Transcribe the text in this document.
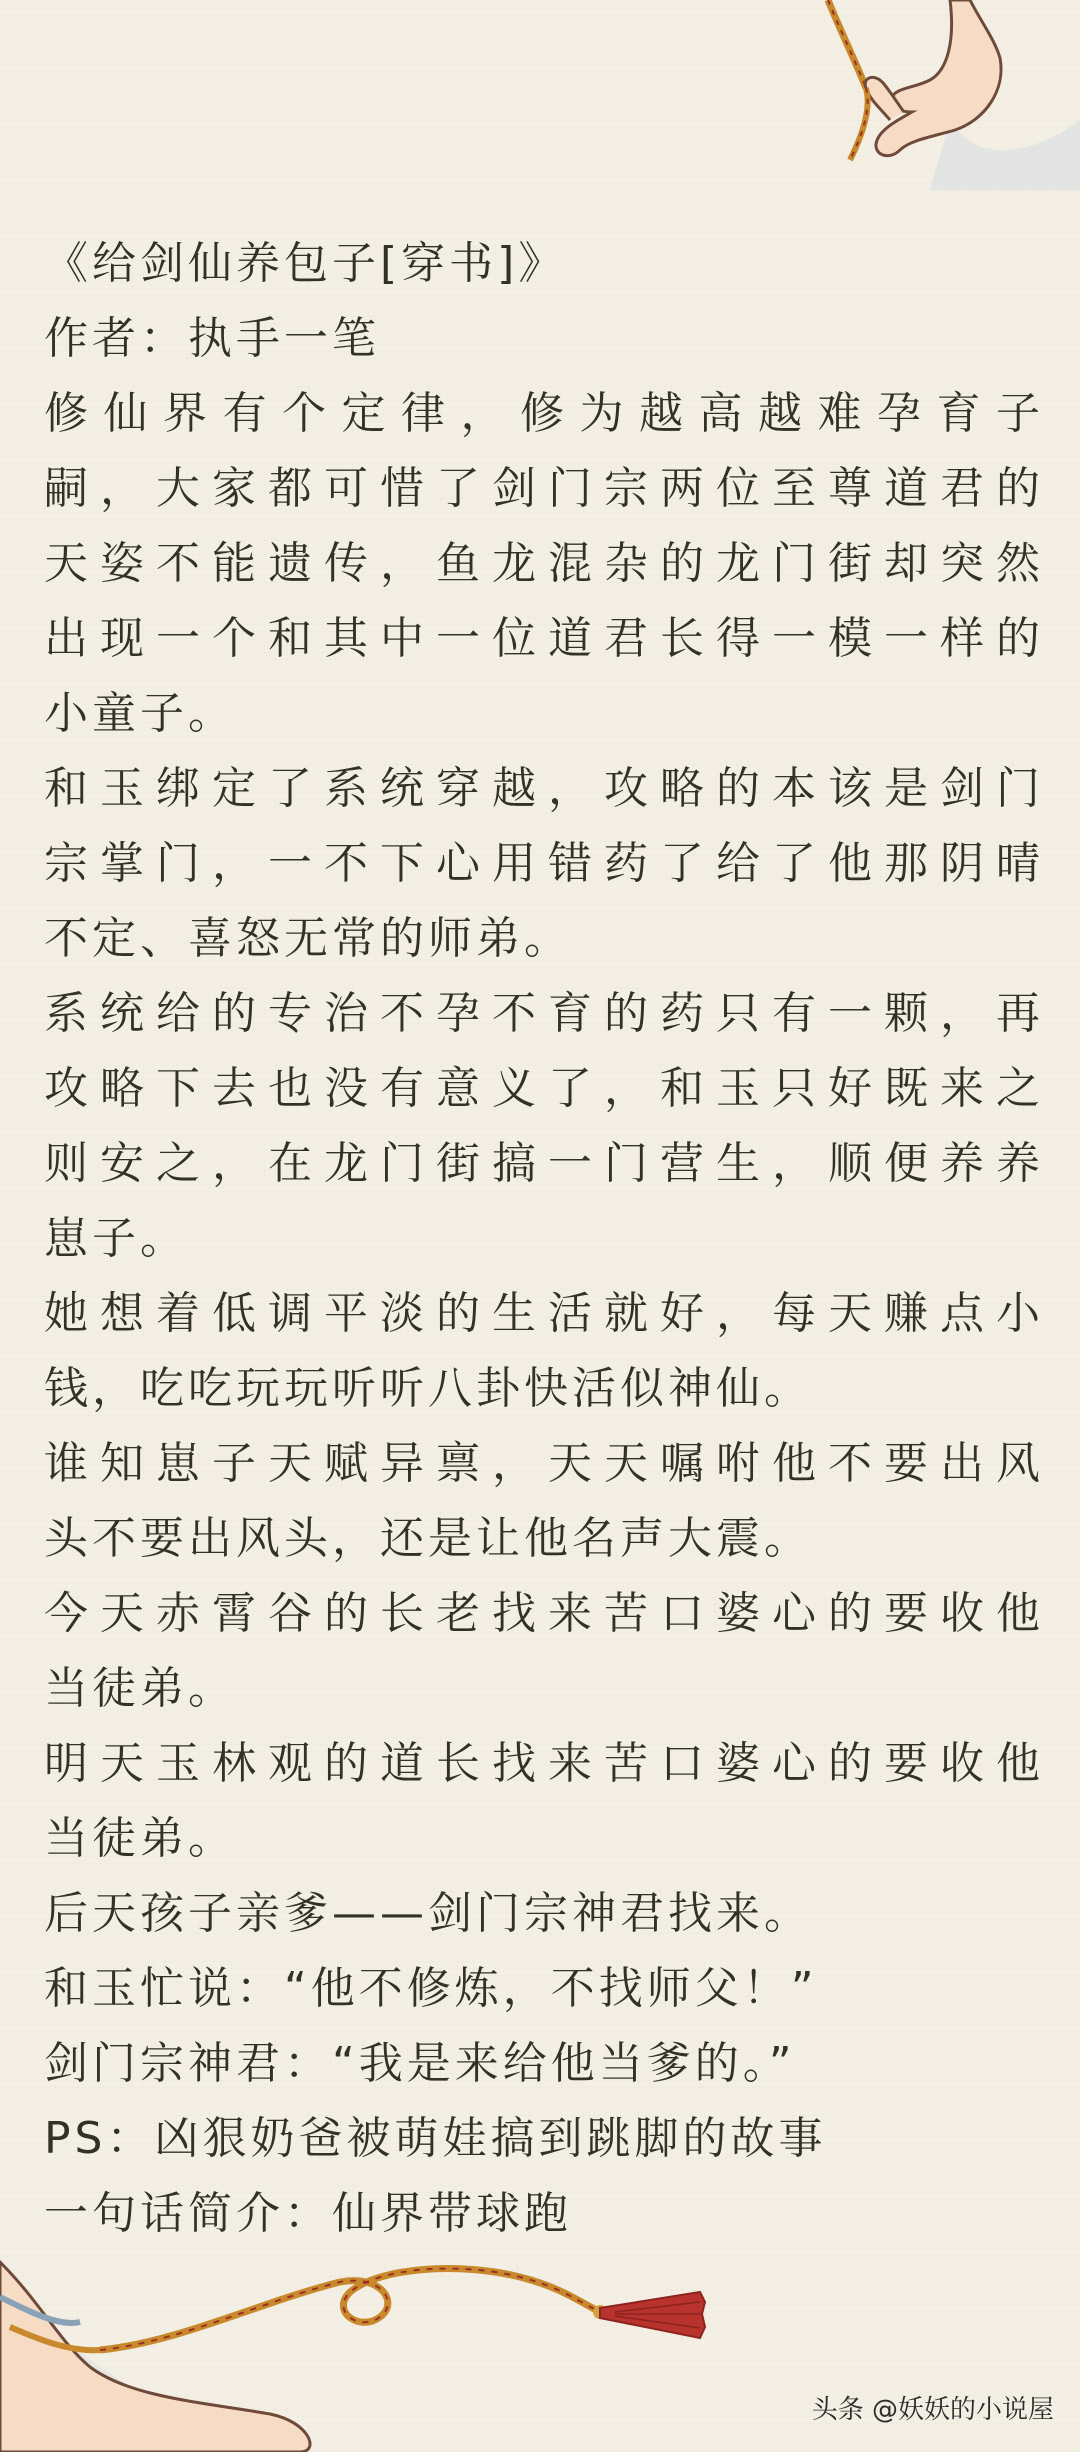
《给剑仙养包子[穿书]》
作者：执手一笔
修仙界有个定律，修为越高越难孕育子
嗣，大家都可惜了剑门宗两位至尊道君的
天姿不能遗传，鱼龙混杂的龙门街却突然
出现一个和其中一位道君长得一模一样的
小童子。
和玉绑定了系统穿越，攻略的本该是剑门
宗掌门，一不下心用错药了给了他那阴晴
不定、喜怒无常的师弟。
系统给的专治不孕不育的药只有一颗，再
攻略下去也没有意义了，和玉只好既来之
则安之，在龙门街搞一门营生，顺便养养
崽子。
她想着低调平淡的生活就好，每天赚点小
钱，吃吃玩玩听听八卦快活似神仙。
谁知崽子天赋异禀，天天嘱咐他不要出风
头不要出风头，还是让他名声大震。
今天赤霄谷的长老找来苦口婆心的要收他
当徒弟。
明天玉林观的道长找来苦口婆心的要收他
当徒弟。
后天孩子亲爹——剑门宗神君找来。
和玉忙说：“他不修炼，不找师父！”
剑门宗神君：“我是来给他当爹的。”
PS：凶狠奶爸被萌娃搞到跳脚的故事
一句话简介：仙界带球跑
头条 @妖妖的小说屋
